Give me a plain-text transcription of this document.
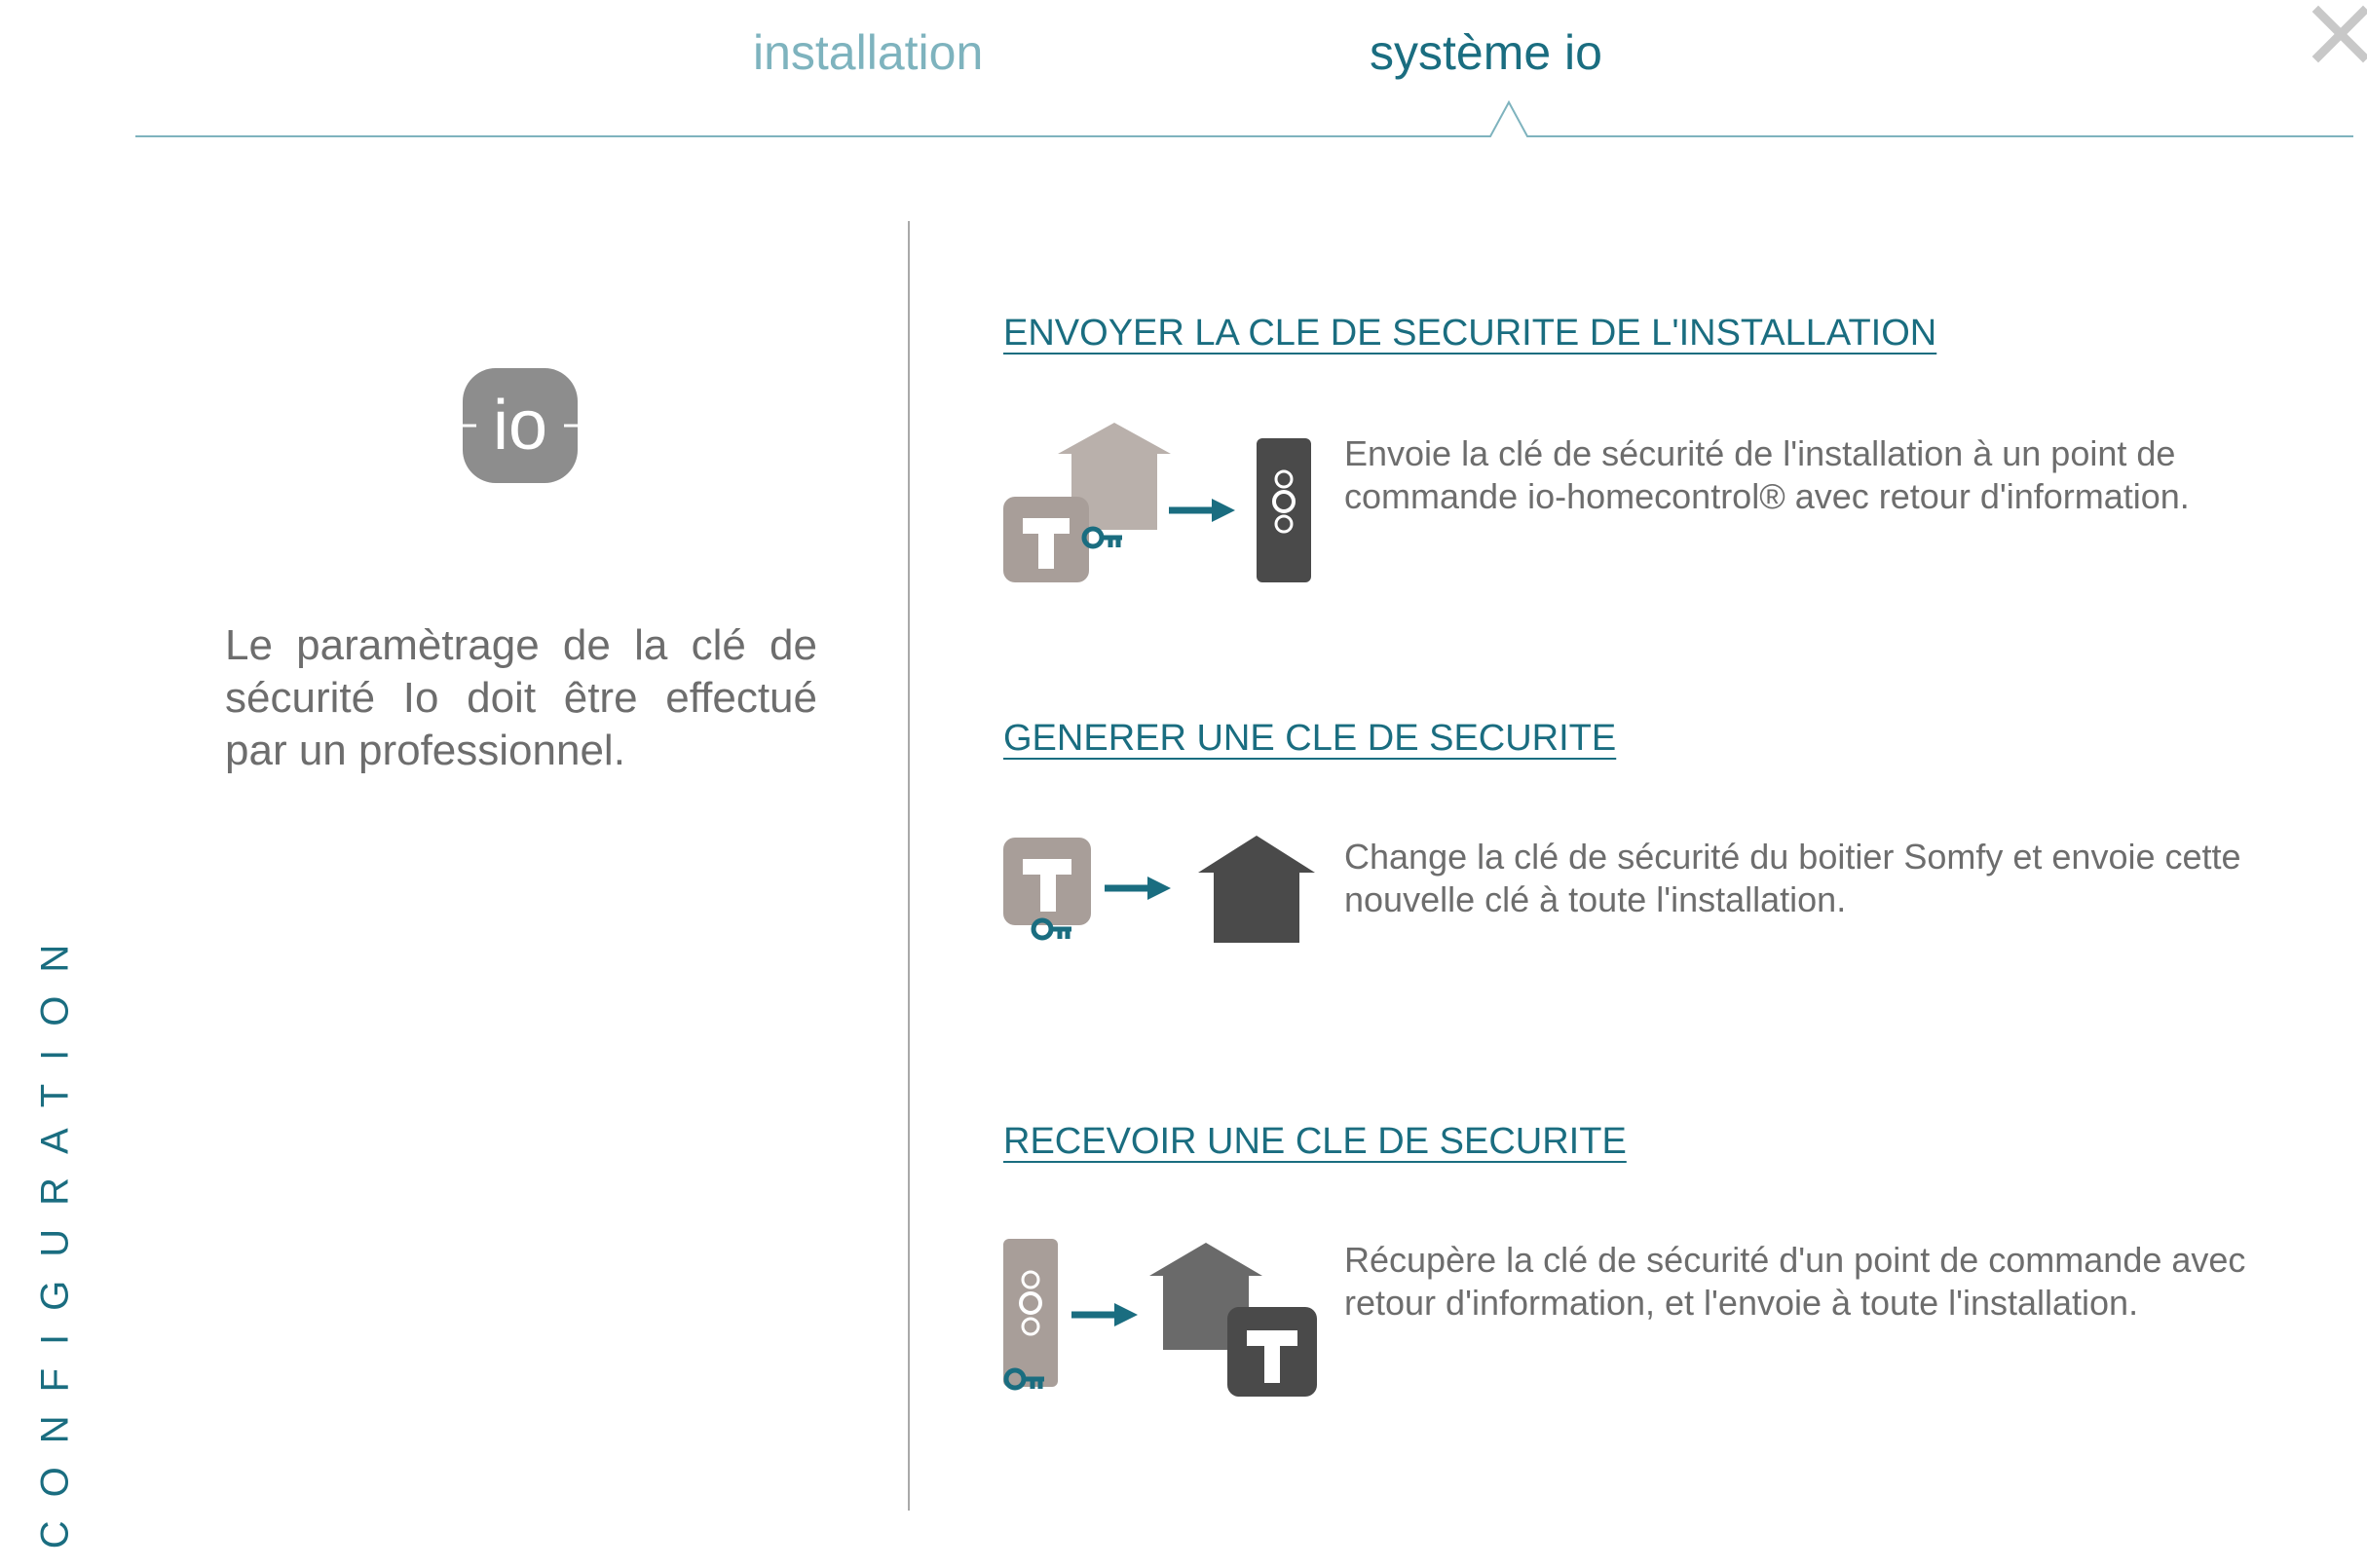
installation	système io
CONFIGURATION
io
Le paramètrage de la clé de sécurité Io doit être effectué par un professionnel.
ENVOYER LA CLE DE SECURITE DE L'INSTALLATION
Envoie la clé de sécurité de l'installation à un point de commande io-homecontrol® avec retour d'information.
GENERER UNE CLE DE SECURITE
Change la clé de sécurité du boitier Somfy et envoie cette nouvelle clé à toute l'installation.
RECEVOIR UNE CLE DE SECURITE
Récupère la clé de sécurité d'un point de commande avec retour d'information, et l'envoie à toute l'installation.
